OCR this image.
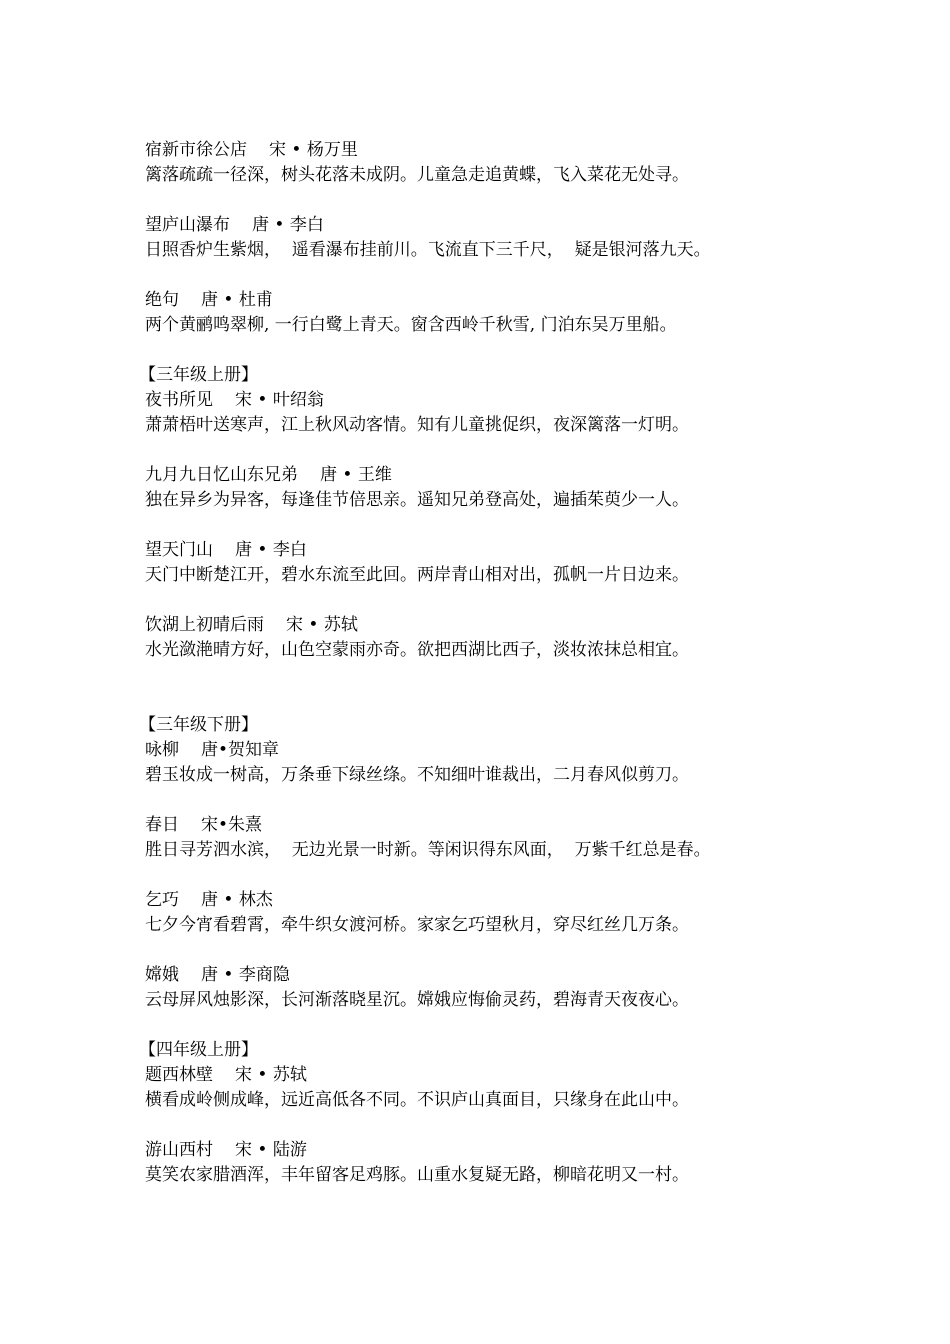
宿新市徐公店 宋 • 杨万里
篱落疏疏一径深，树头花落未成阴。儿童急走追黄蝶，飞入菜花无处寻。
望庐山瀑布 唐 • 李白
日照香炉生紫烟，  遥看瀑布挂前川。飞流直下三千尺，  疑是银河落九天。
绝句 唐 • 杜甫
两个黄鹂鸣翠柳, 一行白鹭上青天。窗含西岭千秋雪, 门泊东吴万里船。
【三年级上册】
夜书所见 宋 • 叶绍翁
萧萧梧叶送寒声，江上秋风动客情。知有儿童挑促织，夜深篱落一灯明。
九月九日忆山东兄弟 唐 • 王维
独在异乡为异客，每逢佳节倍思亲。遥知兄弟登高处，遍插茱萸少一人。
望天门山 唐 • 李白
天门中断楚江开，碧水东流至此回。两岸青山相对出，孤帆一片日边来。
饮湖上初晴后雨 宋 • 苏轼
水光潋滟晴方好，山色空蒙雨亦奇。欲把西湖比西子，淡妆浓抹总相宜。
【三年级下册】
咏柳 唐•贺知章
碧玉妆成一树高，万条垂下绿丝绦。不知细叶谁裁出，二月春风似剪刀。
春日 宋•朱熹
胜日寻芳泗水滨，  无边光景一时新。等闲识得东风面，  万紫千红总是春。
乞巧 唐 • 林杰
七夕今宵看碧霄，牵牛织女渡河桥。家家乞巧望秋月，穿尽红丝几万条。
嫦娥 唐 • 李商隐
云母屏风烛影深，长河渐落晓星沉。嫦娥应悔偷灵药，碧海青天夜夜心。
【四年级上册】
题西林壁 宋 • 苏轼
横看成岭侧成峰，远近高低各不同。不识庐山真面目，只缘身在此山中。
游山西村 宋 • 陆游
莫笑农家腊酒浑，丰年留客足鸡豚。山重水复疑无路，柳暗花明又一村。
